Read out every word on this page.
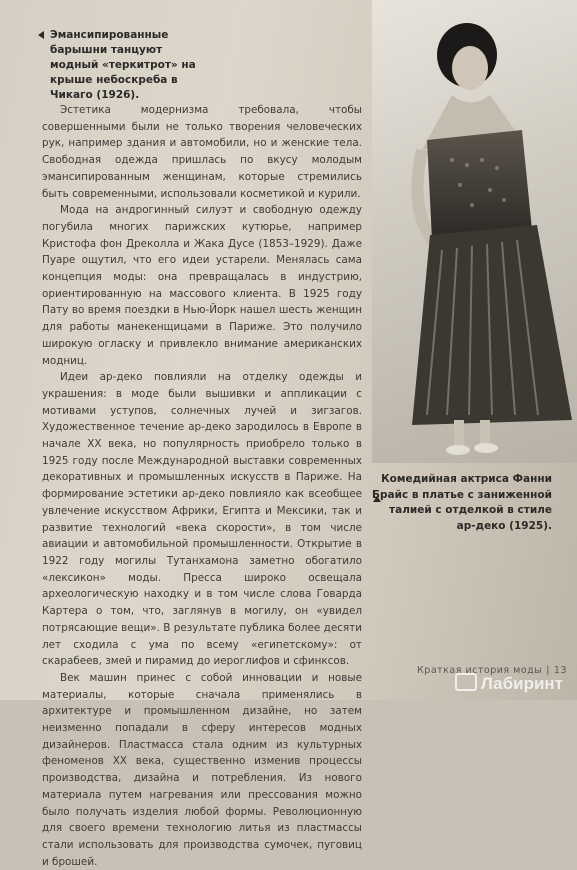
Эмансипированные барышни танцуют модный «теркитрот» на крыше небоскреба в Чикаго (1926).

Эстетика модернизма требовала, чтобы совершенными были не только творения человеческих рук, например здания и автомобили, но и женские тела. Свободная одежда пришлась по вкусу молодым эмансипированным женщинам, которые стремились быть современными, использовали косметикой и курили.

Мода на андрогинный силуэт и свободную одежду погубила многих парижских кутюрье, например Кристофа фон Дреколла и Жака Дусе (1853–1929). Даже Пуаре ощутил, что его идеи устарели. Менялась сама концепция моды: она превращалась в индустрию, ориентированную на массового клиента. В 1925 году Пату во время поездки в Нью-Йорк нашел шесть женщин для работы манекенщицами в Париже. Это получило широкую огласку и привлекло внимание американских модниц.

Идеи ар-деко повлияли на отделку одежды и украшения: в моде были вышивки и аппликации с мотивами уступов, солнечных лучей и зигзагов. Художественное течение ар-деко зародилось в Европе в начале XX века, но популярность приобрело только в 1925 году после Международной выставки современных декоративных и промышленных искусств в Париже. На формирование эстетики ар-деко повлияло как всеобщее увлечение искусством Африки, Египта и Мексики, так и развитие технологий «века скорости», в том числе авиации и автомобильной промышленности. Открытие в 1922 году могилы Тутанхамона заметно обогатило «лексикон» моды. Пресса широко освещала археологическую находку и в том числе слова Говарда Картера о том, что, заглянув в могилу, он «увидел потрясающие вещи». В результате публика более десяти лет сходила с ума по всему «египетскому»: от скарабеев, змей и пирамид до иероглифов и сфинксов.

Век машин принес с собой инновации и новые материалы, которые сначала применялись в архитектуре и промышленном дизайне, но затем неизменно попадали в сферу интересов модных дизайнеров. Пластмасса стала одним из культурных феноменов XX века, существенно изменив процессы производства, дизайна и потребления. Из нового материала путем нагревания или прессования можно было получать изделия любой формы. Революционную для своего времени технологию литья из пластмассы стали использовать для производства сумочек, пуговиц и брошей.

Комедийная актриса Фанни Брайс в платье с заниженной талией с отделкой в стиле ар-деко (1925).
Краткая история моды | 13
Лабиринт
